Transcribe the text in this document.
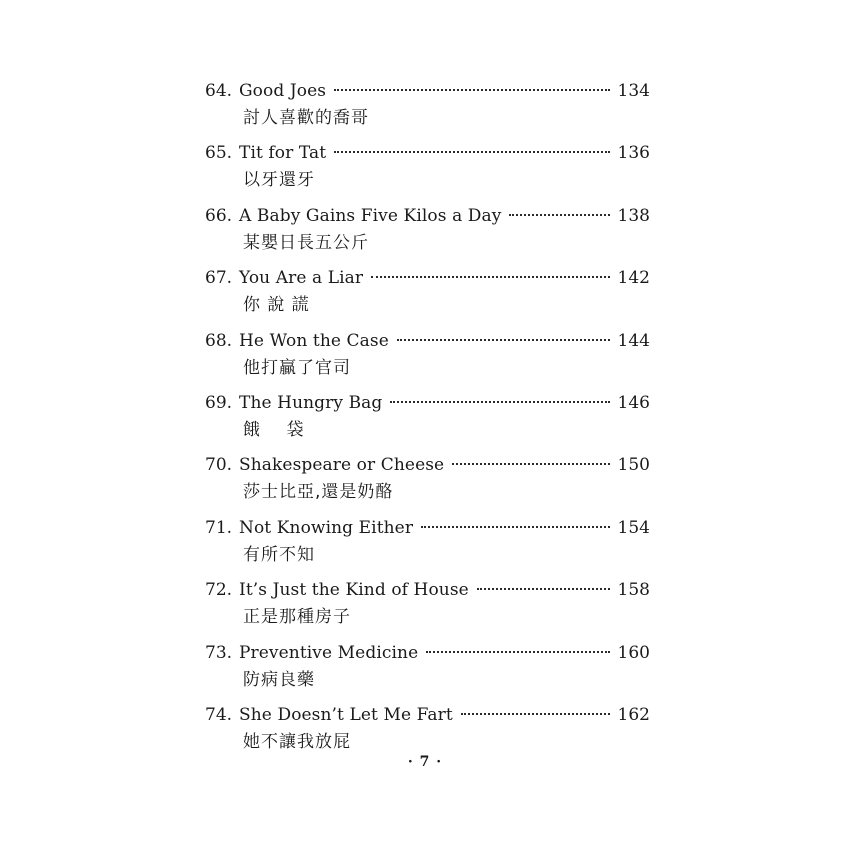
64. Good Joes	134
討人喜歡的喬哥
65. Tit for Tat	136
以牙還牙
66. A Baby Gains Five Kilos a Day	138
某嬰日長五公斤
67. You Are a Liar	142
你 說 謊
68. He Won the Case	144
他打贏了官司
69. The Hungry Bag	146
餓    袋
70. Shakespeare or Cheese	150
莎士比亞,還是奶酪
71. Not Knowing Either	154
有所不知
72. It’s Just the Kind of House	158
正是那種房子
73. Preventive Medicine	160
防病良藥
74. She Doesn’t Let Me Fart	162
她不讓我放屁
· 7 ·
